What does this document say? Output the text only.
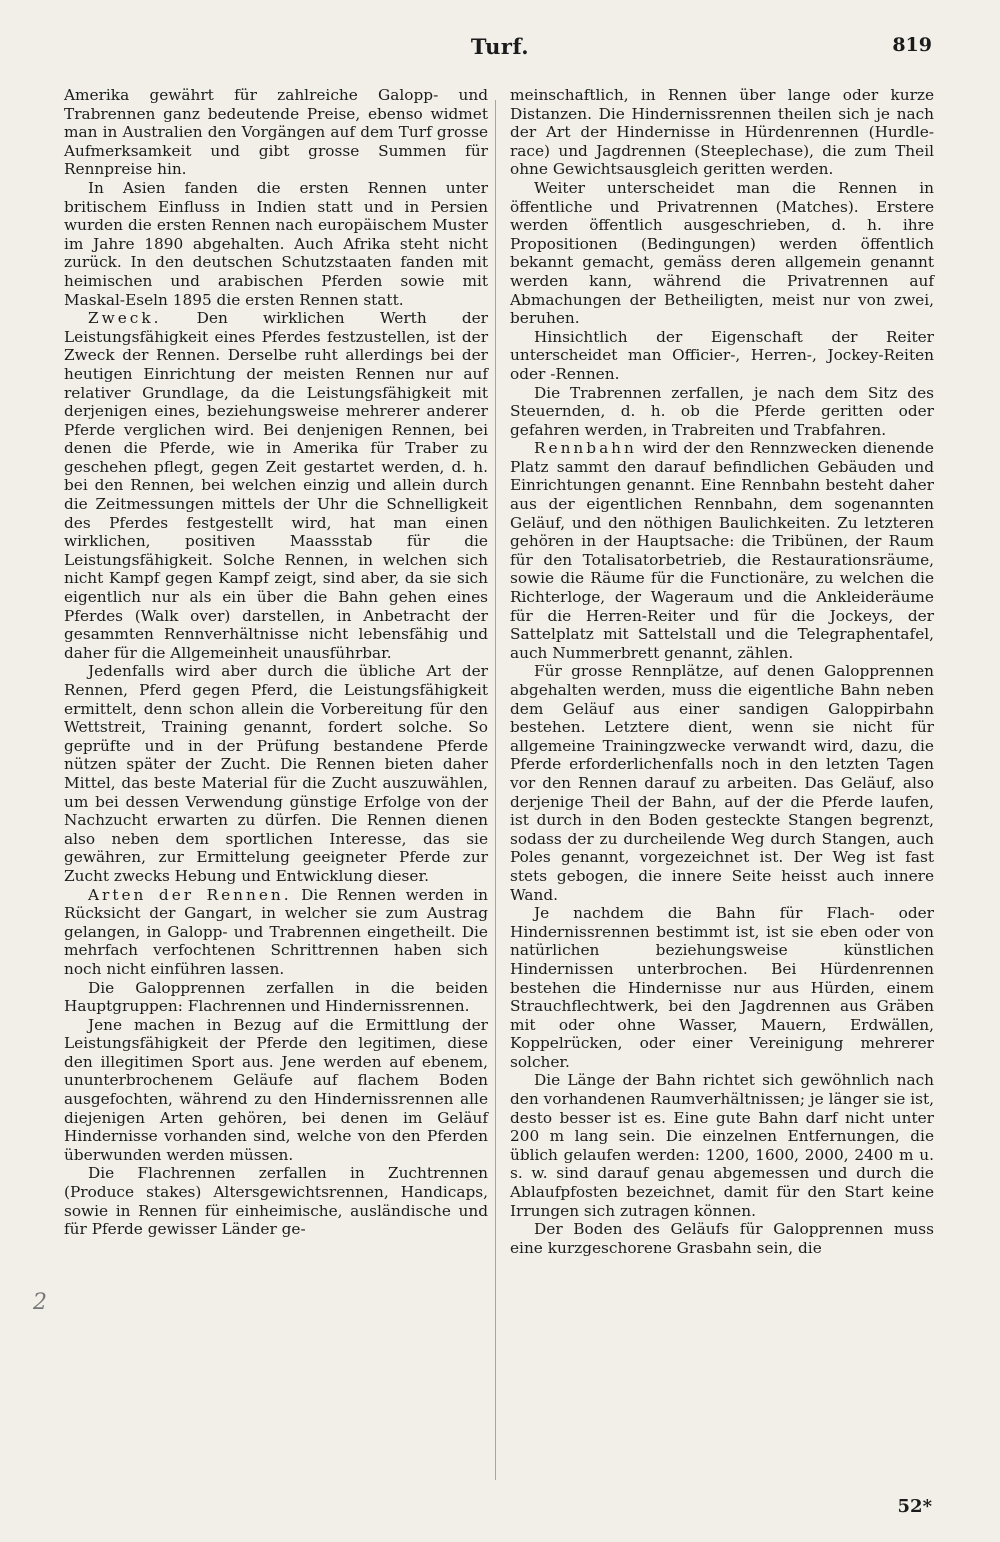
Turf.	819

Amerika gewährt für zahlreiche Galopp- und Trabrennen ganz bedeutende Preise, ebenso widmet man in Australien den Vorgängen auf dem Turf grosse Aufmerksamkeit und gibt grosse Summen für Rennpreise hin.

In Asien fanden die ersten Rennen unter britischem Einfluss in Indien statt und in Persien wurden die ersten Rennen nach europäischem Muster im Jahre 1890 abgehalten. Auch Afrika steht nicht zurück. In den deutschen Schutzstaaten fanden mit heimischen und arabischen Pferden sowie mit Maskal-Eseln 1895 die ersten Rennen statt.

Zweck. Den wirklichen Werth der Leistungsfähigkeit eines Pferdes festzustellen, ist der Zweck der Rennen. Derselbe ruht allerdings bei der heutigen Einrichtung der meisten Rennen nur auf relativer Grundlage, da die Leistungsfähigkeit mit derjenigen eines, beziehungsweise mehrerer anderer Pferde verglichen wird. Bei denjenigen Rennen, bei denen die Pferde, wie in Amerika für Traber zu geschehen pflegt, gegen Zeit gestartet werden, d. h. bei den Rennen, bei welchen einzig und allein durch die Zeitmessungen mittels der Uhr die Schnelligkeit des Pferdes festgestellt wird, hat man einen wirklichen, positiven Maassstab für die Leistungsfähigkeit. Solche Rennen, in welchen sich nicht Kampf gegen Kampf zeigt, sind aber, da sie sich eigentlich nur als ein über die Bahn gehen eines Pferdes (Walk over) darstellen, in Anbetracht der gesammten Rennverhältnisse nicht lebensfähig und daher für die Allgemeinheit unausführbar.

Jedenfalls wird aber durch die übliche Art der Rennen, Pferd gegen Pferd, die Leistungsfähigkeit ermittelt, denn schon allein die Vorbereitung für den Wettstreit, Training genannt, fordert solche. So geprüfte und in der Prüfung bestandene Pferde nützen später der Zucht. Die Rennen bieten daher Mittel, das beste Material für die Zucht auszuwählen, um bei dessen Verwendung günstige Erfolge von der Nachzucht erwarten zu dürfen. Die Rennen dienen also neben dem sportlichen Interesse, das sie gewähren, zur Ermittelung geeigneter Pferde zur Zucht zwecks Hebung und Entwicklung dieser.

Arten der Rennen. Die Rennen werden in Rücksicht der Gangart, in welcher sie zum Austrag gelangen, in Galopp- und Trabrennen eingetheilt. Die mehrfach verfochtenen Schrittrennen haben sich noch nicht einführen lassen.

Die Galopprennen zerfallen in die beiden Hauptgruppen: Flachrennen und Hindernissrennen.

Jene machen in Bezug auf die Ermittlung der Leistungsfähigkeit der Pferde den legitimen, diese den illegitimen Sport aus. Jene werden auf ebenem, ununterbrochenem Geläufe auf flachem Boden ausgefochten, während zu den Hindernissrennen alle diejenigen Arten gehören, bei denen im Geläuf Hindernisse vorhanden sind, welche von den Pferden überwunden werden müssen.

Die Flachrennen zerfallen in Zuchtrennen (Produce stakes) Altersgewichtsrennen, Handicaps, sowie in Rennen für einheimische, ausländische und für Pferde gewisser Länder ge-

meinschaftlich, in Rennen über lange oder kurze Distanzen. Die Hindernissrennen theilen sich je nach der Art der Hindernisse in Hürdenrennen (Hurdle-race) und Jagdrennen (Steeplechase), die zum Theil ohne Gewichtsausgleich geritten werden.

Weiter unterscheidet man die Rennen in öffentliche und Privatrennen (Matches). Erstere werden öffentlich ausgeschrieben, d. h. ihre Propositionen (Bedingungen) werden öffentlich bekannt gemacht, gemäss deren allgemein genannt werden kann, während die Privatrennen auf Abmachungen der Betheiligten, meist nur von zwei, beruhen.

Hinsichtlich der Eigenschaft der Reiter unterscheidet man Officier-, Herren-, Jockey-Reiten oder -Rennen.

Die Trabrennen zerfallen, je nach dem Sitz des Steuernden, d. h. ob die Pferde geritten oder gefahren werden, in Trabreiten und Trabfahren.

Rennbahn wird der den Rennzwecken dienende Platz sammt den darauf befindlichen Gebäuden und Einrichtungen genannt. Eine Rennbahn besteht daher aus der eigentlichen Rennbahn, dem sogenannten Geläuf, und den nöthigen Baulichkeiten. Zu letzteren gehören in der Hauptsache: die Tribünen, der Raum für den Totalisatorbetrieb, die Restaurationsräume, sowie die Räume für die Functionäre, zu welchen die Richterloge, der Wageraum und die Ankleideräume für die Herren-Reiter und für die Jockeys, der Sattelplatz mit Sattelstall und die Telegraphentafel, auch Nummerbrett genannt, zählen.

Für grosse Rennplätze, auf denen Galopprennen abgehalten werden, muss die eigentliche Bahn neben dem Geläuf aus einer sandigen Galoppirbahn bestehen. Letztere dient, wenn sie nicht für allgemeine Trainingzwecke verwandt wird, dazu, die Pferde erforderlichenfalls noch in den letzten Tagen vor den Rennen darauf zu arbeiten. Das Geläuf, also derjenige Theil der Bahn, auf der die Pferde laufen, ist durch in den Boden gesteckte Stangen begrenzt, sodass der zu durcheilende Weg durch Stangen, auch Poles genannt, vorgezeichnet ist. Der Weg ist fast stets gebogen, die innere Seite heisst auch innere Wand.

Je nachdem die Bahn für Flach- oder Hindernissrennen bestimmt ist, ist sie eben oder von natürlichen beziehungsweise künstlichen Hindernissen unterbrochen. Bei Hürdenrennen bestehen die Hindernisse nur aus Hürden, einem Strauchflechtwerk, bei den Jagdrennen aus Gräben mit oder ohne Wasser, Mauern, Erdwällen, Koppelrücken, oder einer Vereinigung mehrerer solcher.

Die Länge der Bahn richtet sich gewöhnlich nach den vorhandenen Raumverhältnissen; je länger sie ist, desto besser ist es. Eine gute Bahn darf nicht unter 200 m lang sein. Die einzelnen Entfernungen, die üblich gelaufen werden: 1200, 1600, 2000, 2400 m u. s. w. sind darauf genau abgemessen und durch die Ablaufpfosten bezeichnet, damit für den Start keine Irrungen sich zutragen können.

Der Boden des Geläufs für Galopprennen muss eine kurzgeschorene Grasbahn sein, die

2
52*
